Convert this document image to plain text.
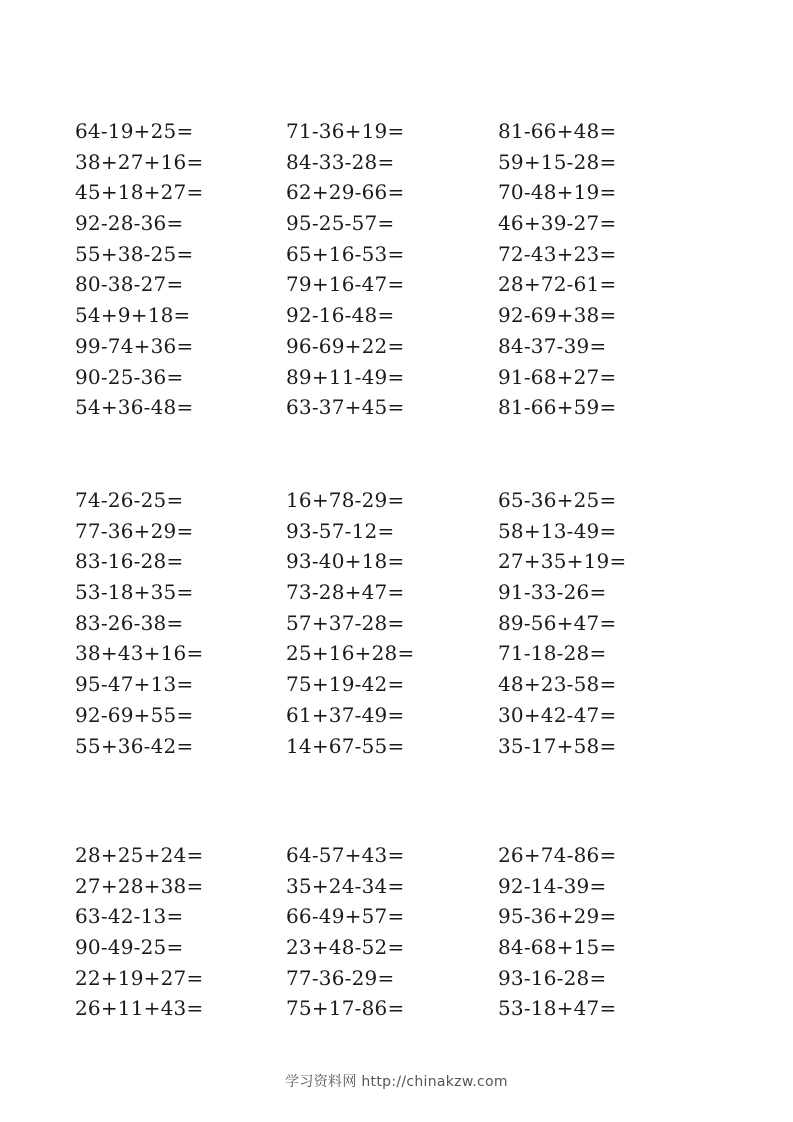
64-19+25=	71-36+19=	81-66+48=
38+27+16=	84-33-28=	59+15-28=
45+18+27=	62+29-66=	70-48+19=
92-28-36=	95-25-57=	46+39-27=
55+38-25=	65+16-53=	72-43+23=
80-38-27=	79+16-47=	28+72-61=
54+9+18=	92-16-48=	92-69+38=
99-74+36=	96-69+22=	84-37-39=
90-25-36=	89+11-49=	91-68+27=
54+36-48=	63-37+45=	81-66+59=
74-26-25=	16+78-29=	65-36+25=
77-36+29=	93-57-12=	58+13-49=
83-16-28=	93-40+18=	27+35+19=
53-18+35=	73-28+47=	91-33-26=
83-26-38=	57+37-28=	89-56+47=
38+43+16=	25+16+28=	71-18-28=
95-47+13=	75+19-42=	48+23-58=
92-69+55=	61+37-49=	30+42-47=
55+36-42=	14+67-55=	35-17+58=
28+25+24=	64-57+43=	26+74-86=
27+28+38=	35+24-34=	92-14-39=
63-42-13=	66-49+57=	95-36+29=
90-49-25=	23+48-52=	84-68+15=
22+19+27=	77-36-29=	93-16-28=
26+11+43=	75+17-86=	53-18+47=
学习资料网 http://chinakzw.com
